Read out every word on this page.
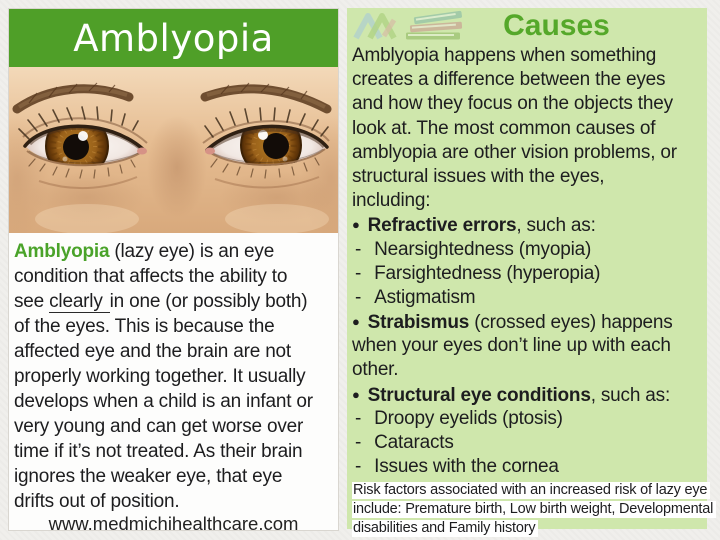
Amblyopia
Amblyopia (lazy eye) is an eye
condition that affects the ability to
see clearly in one (or possibly both)
of the eyes. This is because the
affected eye and the brain are not
properly working together. It usually
develops when a child is an infant or
very young and can get worse over
time if it’s not treated. As their brain
ignores the weaker eye, that eye
drifts out of position.
www.medmichihealthcare.com
Causes
Amblyopia happens when something
creates a difference between the eyes
and how they focus on the objects they
look at. The most common causes of
amblyopia are other vision problems, or
structural issues with the eyes,
including:
● Refractive errors, such as:
- Nearsightedness (myopia)
- Farsightedness (hyperopia)
- Astigmatism
● Strabismus (crossed eyes) happens
when your eyes don’t line up with each
other.
● Structural eye conditions, such as:
- Droopy eyelids (ptosis)
- Cataracts
- Issues with the cornea
Risk factors associated with an increased risk of lazy eye
include: Premature birth, Low birth weight, Developmental
disabilities and Family history
